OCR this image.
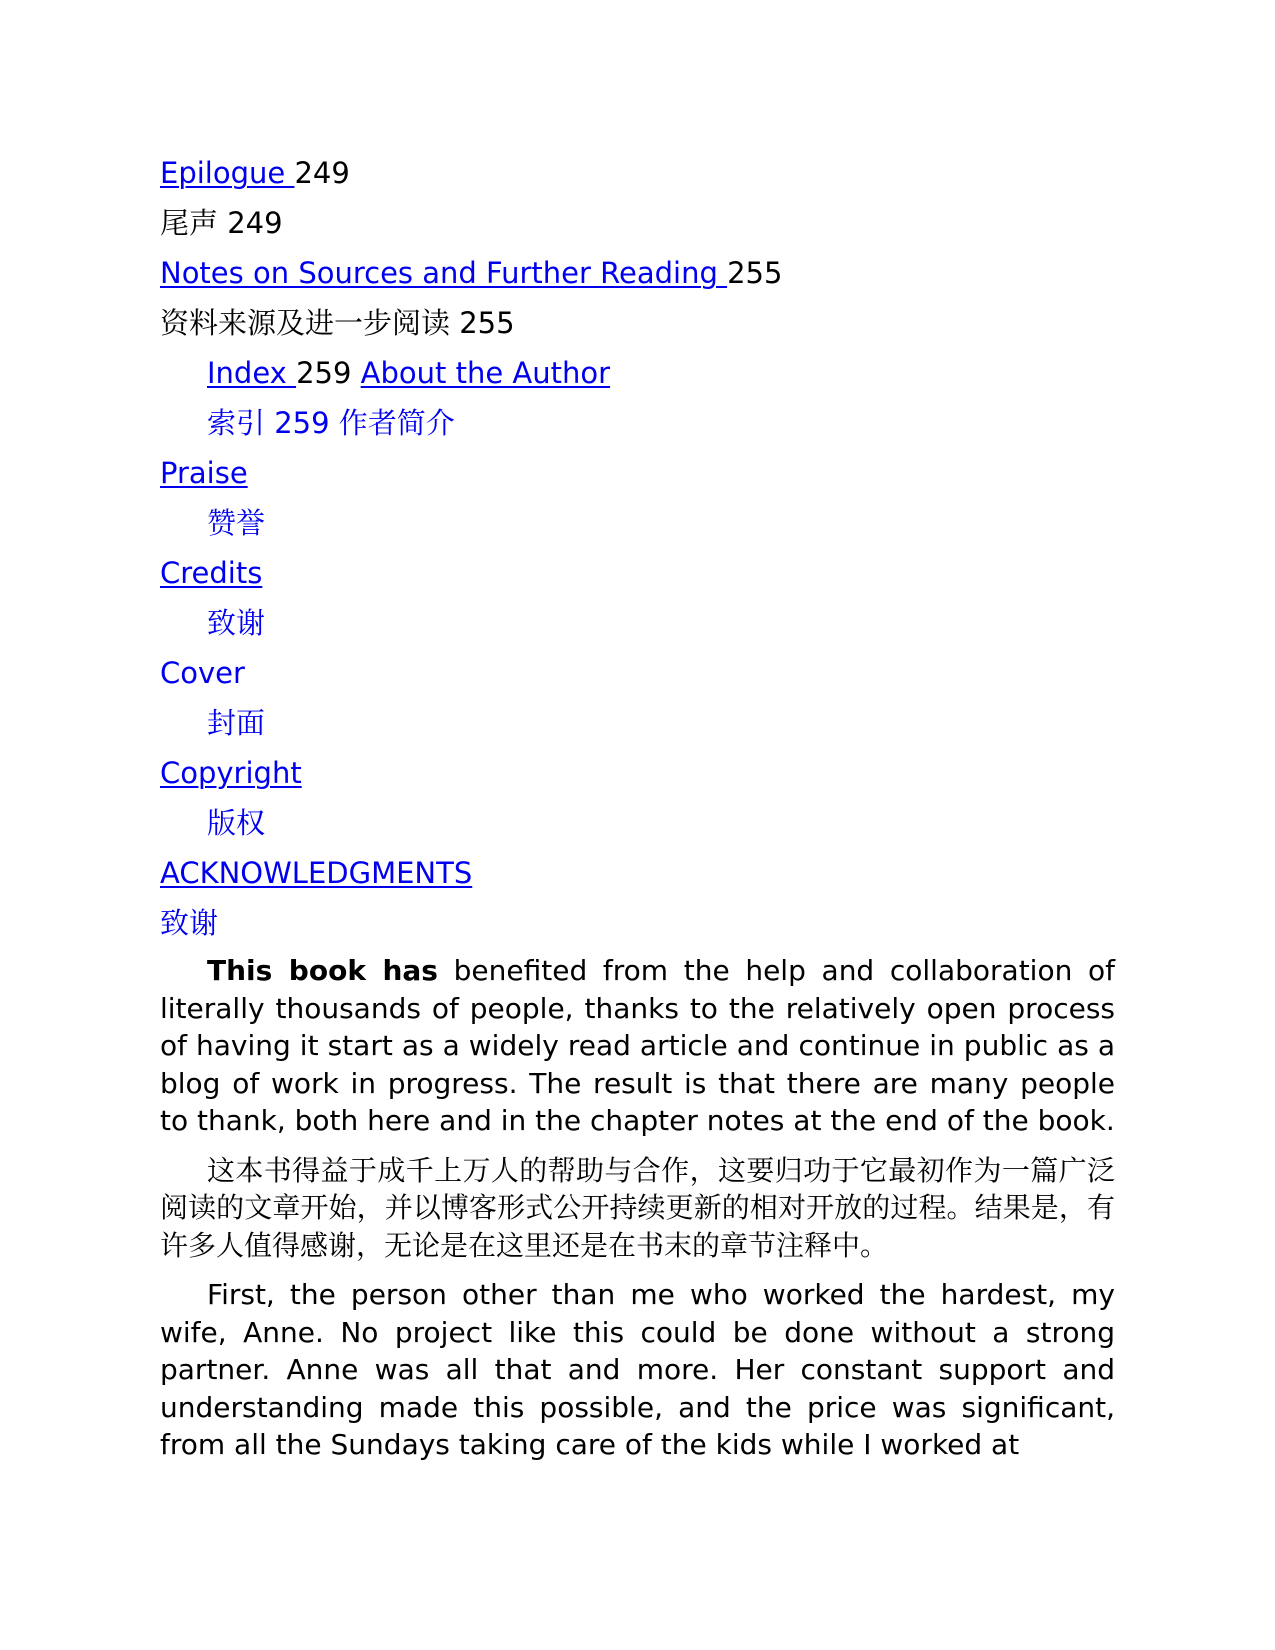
Epilogue 249
尾声 249
Notes on Sources and Further Reading 255
资料来源及进一步阅读 255
Index 259 About the Author
索引 259 作者简介
Praise
赞誉
Credits
致谢
Cover
封面
Copyright
版权
ACKNOWLEDGMENTS
致谢

This book has benefited from the help and collaboration of literally thousands of people, thanks to the relatively open process of having it start as a widely read article and continue in public as a blog of work in progress. The result is that there are many people to thank, both here and in the chapter notes at the end of the book.

这本书得益于成千上万人的帮助与合作，这要归功于它最初作为一篇广泛阅读的文章开始，并以博客形式公开持续更新的相对开放的过程。结果是，有许多人值得感谢，无论是在这里还是在书末的章节注释中。

First, the person other than me who worked the hardest, my wife, Anne. No project like this could be done without a strong partner. Anne was all that and more. Her constant support and understanding made this possible, and the price was significant, from all the Sundays taking care of the kids while I worked at
